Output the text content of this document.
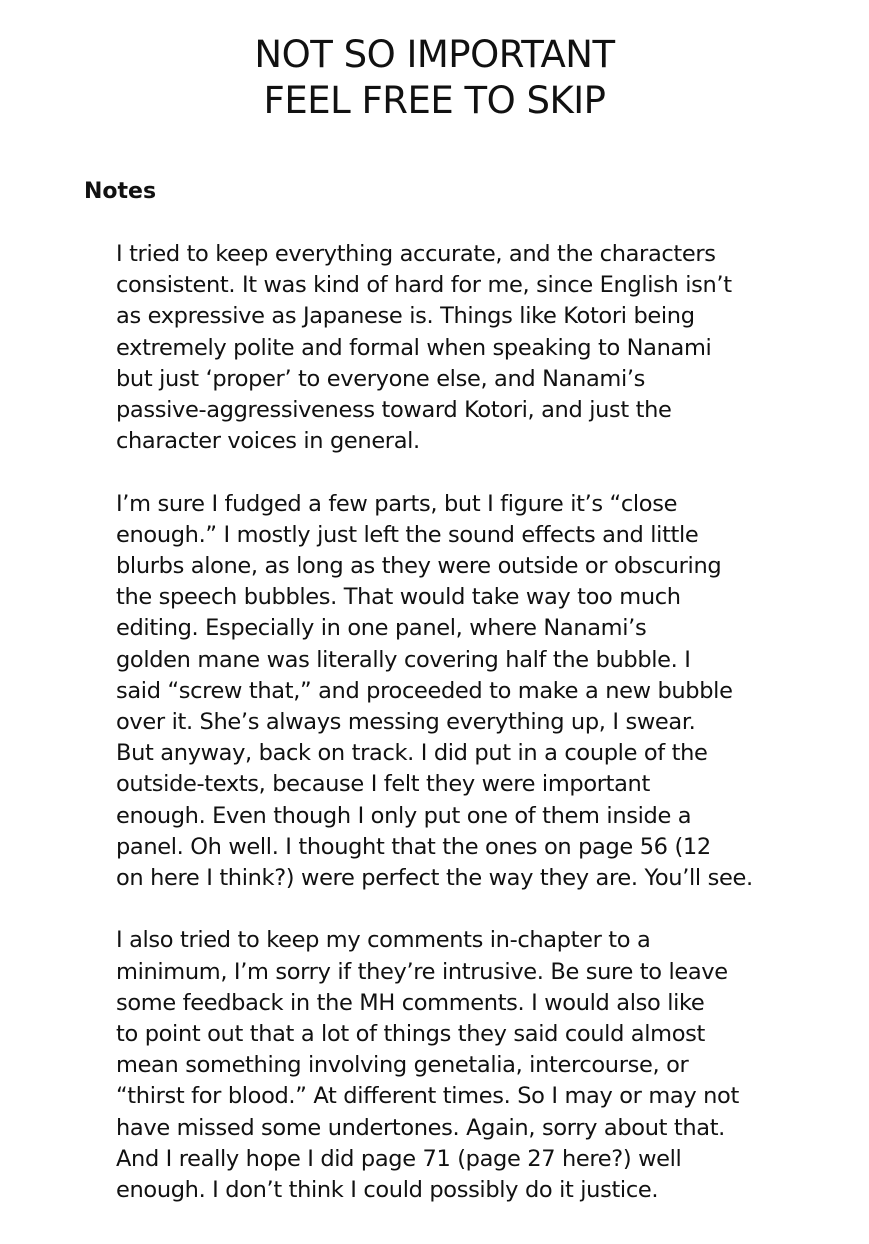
NOT SO IMPORTANT
FEEL FREE TO SKIP
Notes

I tried to keep everything accurate, and the characters
consistent. It was kind of hard for me, since English isn’t
as expressive as Japanese is. Things like Kotori being
extremely polite and formal when speaking to Nanami
but just ‘proper’ to everyone else, and Nanami’s
passive-aggressiveness toward Kotori, and just the
character voices in general.

I’m sure I fudged a few parts, but I figure it’s “close
enough.” I mostly just left the sound effects and little
blurbs alone, as long as they were outside or obscuring
the speech bubbles. That would take way too much
editing. Especially in one panel, where Nanami’s
golden mane was literally covering half the bubble. I
said “screw that,” and proceeded to make a new bubble
over it. She’s always messing everything up, I swear.
But anyway, back on track. I did put in a couple of the
outside-texts, because I felt they were important
enough. Even though I only put one of them inside a
panel. Oh well. I thought that the ones on page 56 (12
on here I think?) were perfect the way they are. You’ll see.

I also tried to keep my comments in-chapter to a
minimum, I’m sorry if they’re intrusive. Be sure to leave
some feedback in the MH comments. I would also like
to point out that a lot of things they said could almost
mean something involving genetalia, intercourse, or
“thirst for blood.” At different times. So I may or may not
have missed some undertones. Again, sorry about that.
And I really hope I did page 71 (page 27 here?) well
enough. I don’t think I could possibly do it justice.
